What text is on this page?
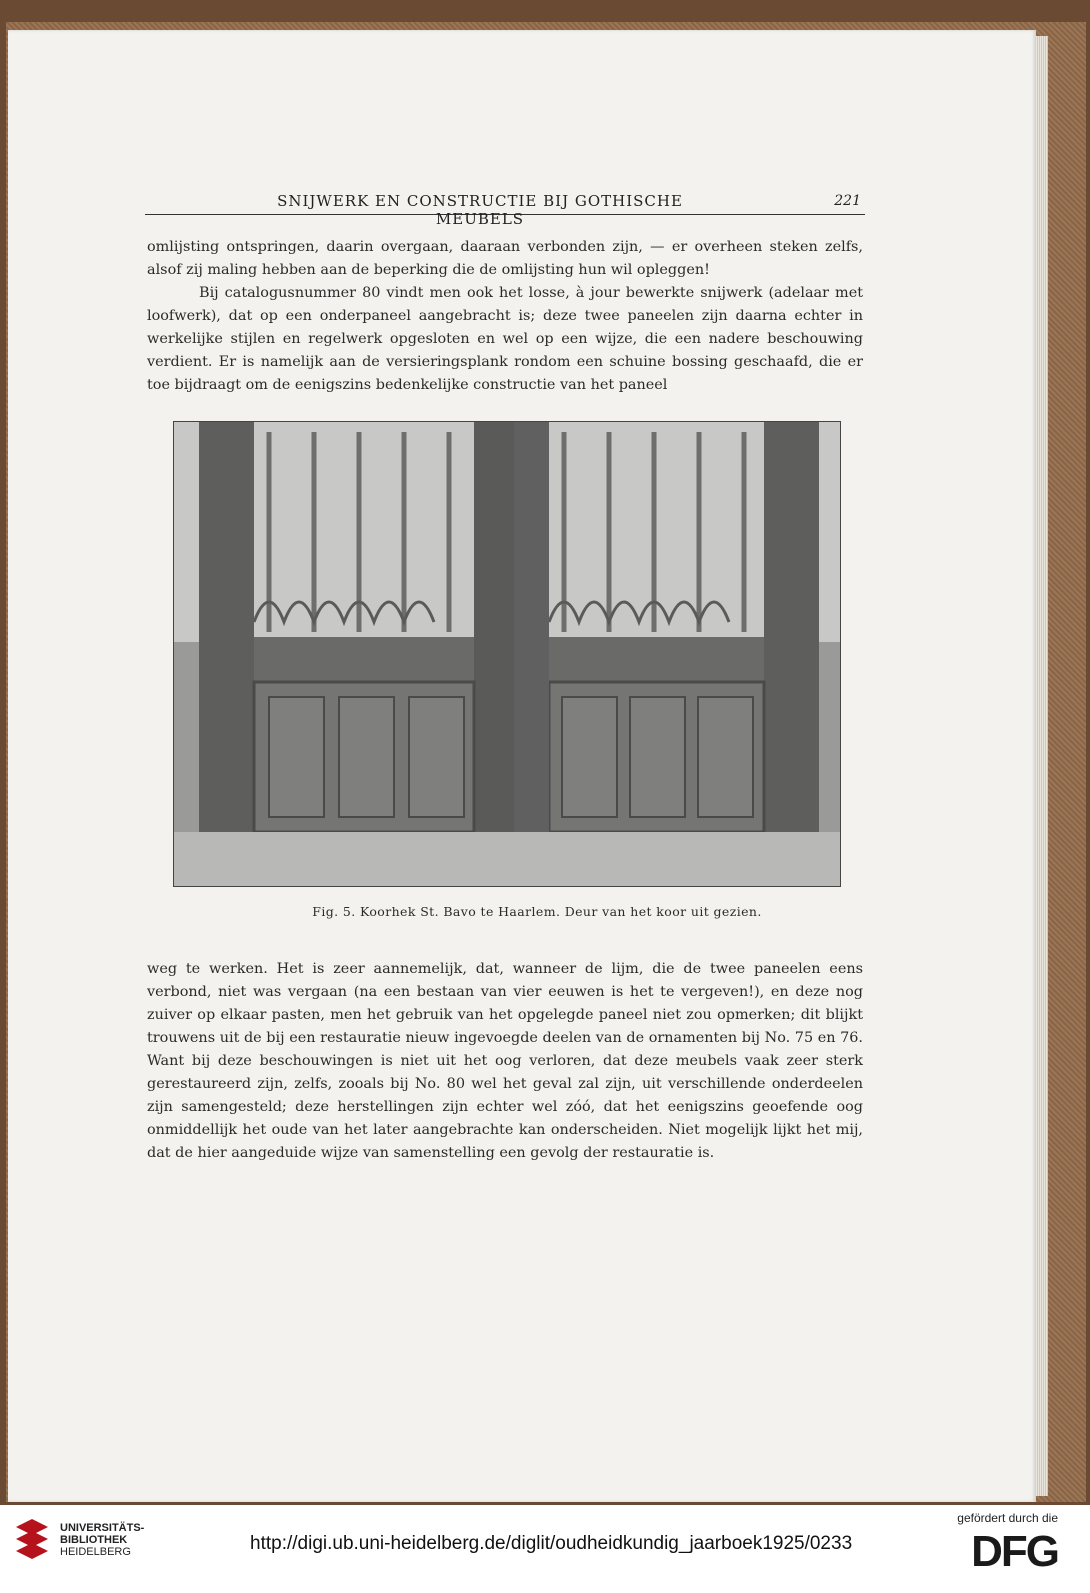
SNIJWERK EN CONSTRUCTIE BIJ GOTHISCHE MEUBELS
221

omlijsting ontspringen, daarin overgaan, daaraan verbonden zijn, — er overheen steken zelfs, alsof zij maling hebben aan de beperking die de omlijsting hun wil opleggen!

Bij catalogusnummer 80 vindt men ook het losse, à jour bewerkte snijwerk (adelaar met loofwerk), dat op een onderpaneel aangebracht is; deze twee paneelen zijn daarna echter in werkelijke stijlen en regelwerk opgesloten en wel op een wijze, die een nadere beschouwing verdient. Er is namelijk aan de versieringsplank rondom een schuine bossing geschaafd, die er toe bijdraagt om de eenigszins bedenkelijke constructie van het paneel

Fig. 5. Koorhek St. Bavo te Haarlem. Deur van het koor uit gezien.

weg te werken. Het is zeer aannemelijk, dat, wanneer de lijm, die de twee paneelen eens verbond, niet was vergaan (na een bestaan van vier eeuwen is het te vergeven!), en deze nog zuiver op elkaar pasten, men het gebruik van het opgelegde paneel niet zou opmerken; dit blijkt trouwens uit de bij een restauratie nieuw ingevoegde deelen van de ornamenten bij No. 75 en 76. Want bij deze beschouwingen is niet uit het oog verloren, dat deze meubels vaak zeer sterk gerestaureerd zijn, zelfs, zooals bij No. 80 wel het geval zal zijn, uit verschillende onderdeelen zijn samengesteld; deze herstellingen zijn echter wel zóó, dat het eenigszins geoefende oog onmiddellijk het oude van het later aangebrachte kan onderscheiden. Niet mogelijk lijkt het mij, dat de hier aangeduide wijze van samenstelling een gevolg der restauratie is.

UNIVERSITÄTS-
BIBLIOTHEK
HEIDELBERG	http://digi.ub.uni-heidelberg.de/diglit/oudheidkundig_jaarboek1925/0233
gefördert durch die
DFG
